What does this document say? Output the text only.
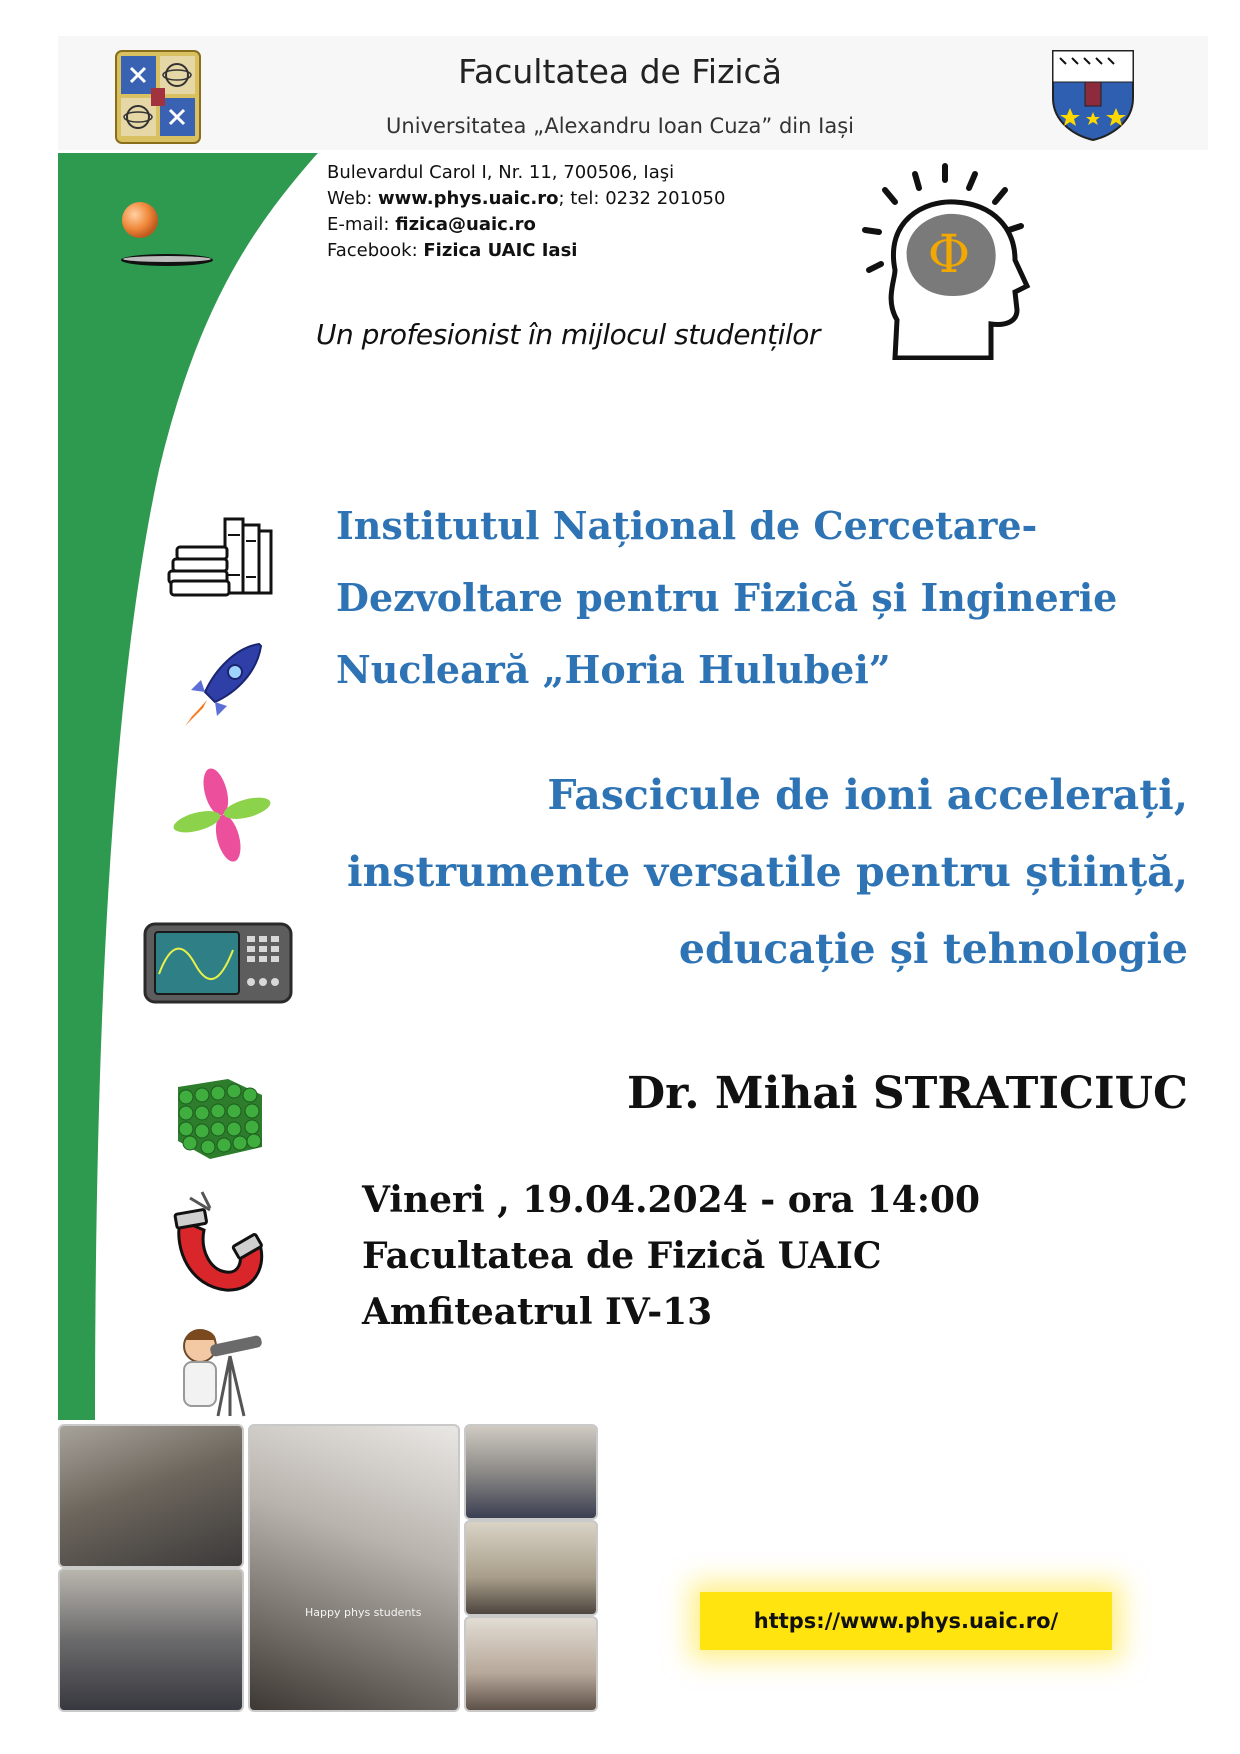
Facultatea de Fizică
Universitatea „Alexandru Ioan Cuza” din Iași
Bulevardul Carol I, Nr. 11, 700506, Iaşi
Web: www.phys.uaic.ro; tel: 0232 201050
E-mail: fizica@uaic.ro
Facebook: Fizica UAIC Iasi	Φ
Un profesionist în mijlocul studenților
Institutul Național de Cercetare-
Dezvoltare pentru Fizică și Inginerie
Nucleară „Horia Hulubei”
Fascicule de ioni accelerați,
instrumente versatile pentru știință,
educație și tehnologie
Dr. Mihai STRATICIUC
Vineri , 19.04.2024 - ora 14:00
Facultatea de Fizică UAIC
Amfiteatrul IV-13
Happy phys students	https://www.phys.uaic.ro/
